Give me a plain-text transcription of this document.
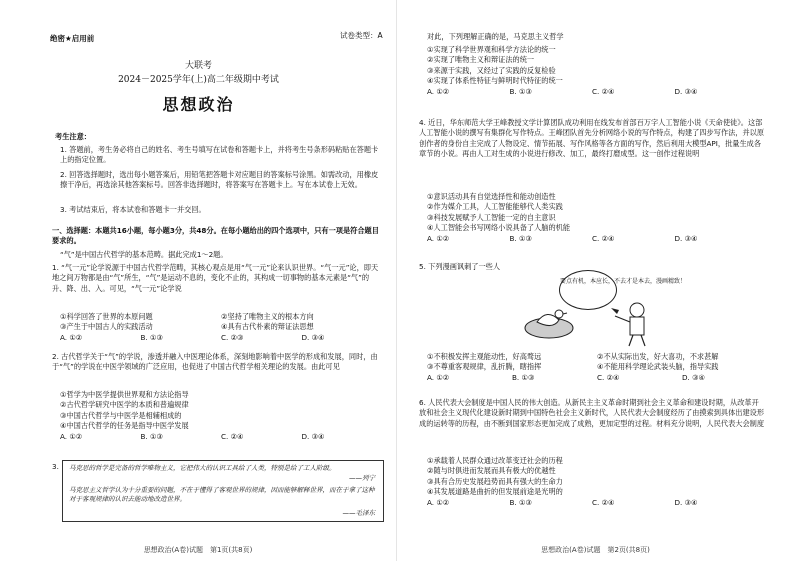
绝密★启用前	试卷类型：A
大联考
2024－2025学年(上)高二年级期中考试
思想政治
考生注意：
1. 答题前，考生务必将自己的姓名、考生号填写在试卷和答题卡上，并将考生号条形码粘贴在答题卡上的指定位置。
2. 回答选择题时，选出每小题答案后，用铅笔把答题卡对应题目的答案标号涂黑。如需改动，用橡皮擦干净后，再选涂其他答案标号。回答非选择题时，将答案写在答题卡上。写在本试卷上无效。
3. 考试结束后，将本试卷和答题卡一并交回。
一、选择题：本题共16小题，每小题3分，共48分。在每小题给出的四个选项中，只有一项是符合题目要求的。
“气”是中国古代哲学的基本范畴。据此完成1～2题。
1. “气一元”论学说源于中国古代哲学范畴，其核心观点是用“气一元”论来认识世界。“气一元”论，即天地之间万物都是由“气”所生，“气”是运动不息的，变化不止的，其构成一切事物的基本元素是“气”的升、降、出、入。可见，“气一元”论学说
①科学回答了世界的本原问题	②坚持了唯物主义的根本方向
③产生于中国古人的实践活动	④具有古代朴素的辩证法思想
A. ①②	B. ①③	C. ②③	D. ③④
2. 古代哲学关于“气”的学说，渗透并融入中医理论体系，深刻地影响着中医学的形成和发展，同时，由于“气”的学说在中医学领域的广泛应用，也促进了中国古代哲学相关理论的发展。由此可见
①哲学为中医学提供世界观和方法论指导
②古代哲学研究中医学的本质和普遍规律
③中国古代哲学与中医学是相辅相成的
④中国古代哲学的任务是指导中医学发展
A. ①②	B. ①③	C. ②④	D. ③④
3. 马克思的哲学是完备的哲学唯物主义，它把伟大的认识工具给了人类，特别是给了工人阶级。
——列宁
马克思主义哲学认为十分重要的问题，不在于懂得了客观世界的规律，因而能够解释世界，而在于拿了这种对于客观规律的认识去能动地改造世界。
——毛泽东
思想政治(A卷)试题　第1页(共8页)
对此，下列理解正确的是，马克思主义哲学
①实现了科学世界观和科学方法论的统一
②实现了唯物主义和辩证法的统一
③来源于实践，又经过了实践的反复检验
④实现了体系性特征与鲜明时代特征的统一
A. ①②	B. ①③	C. ②④	D. ③④
4. 近日，华东师范大学王峰教授文学计算团队成功利用在线发布首部百万字人工智能小说《天命使徒》。这部人工智能小说的撰写有集群化写作特点。王峰团队首先分析网络小说的写作特点，构建了四步写作法，并以原创作者的身份自主完成了人物设定、情节拓展、写作风格等各方面的写作，然后利用大模型API，批量生成各章节的小说。再由人工对生成的小说进行修改、加工，最终打磨成型。这一创作过程说明
①意识活动具有自觉选择性和能动创造性
②作为媒介工具，人工智能能够代人类实践
③科技发展赋予人工智能一定的自主意识
④人工智能会书写网络小说具备了人脑的机能
A. ①②	B. ①③	C. ②④	D. ③④
5. 下列漫画讽刺了一些人
要点有机，本应长，不去才是本去，漫画精致！
①不积极发挥主观能动性，好高骛远	②不从实际出发，好大喜功，不求甚解
③不尊重客观规律，乱折腾，瞎指挥	④不能用科学理论武装头脑，指导实践
A. ①②	B. ①③	C. ②④	D. ③④
6. 人民代表大会制度是中国人民的伟大创造。从新民主主义革命时期到社会主义革命和建设时期，从改革开放和社会主义现代化建设新时期到中国特色社会主义新时代，人民代表大会制度经历了由摸索到具体出建设形成的运转等的历程，由不断到国家形态更加完成了成熟，更加定型的过程。材料充分说明，人民代表大会制度
①承载着人民群众通过改革变迁社会的历程
②随与时俱进而发展而具有极大的优越性
③具有合历史发展趋势而具有强大的生命力
④其发展道路是曲折的但发展前途是光明的
A. ①②	B. ①③	C. ②④	D. ③④
思想政治(A卷)试题　第2页(共8页)
